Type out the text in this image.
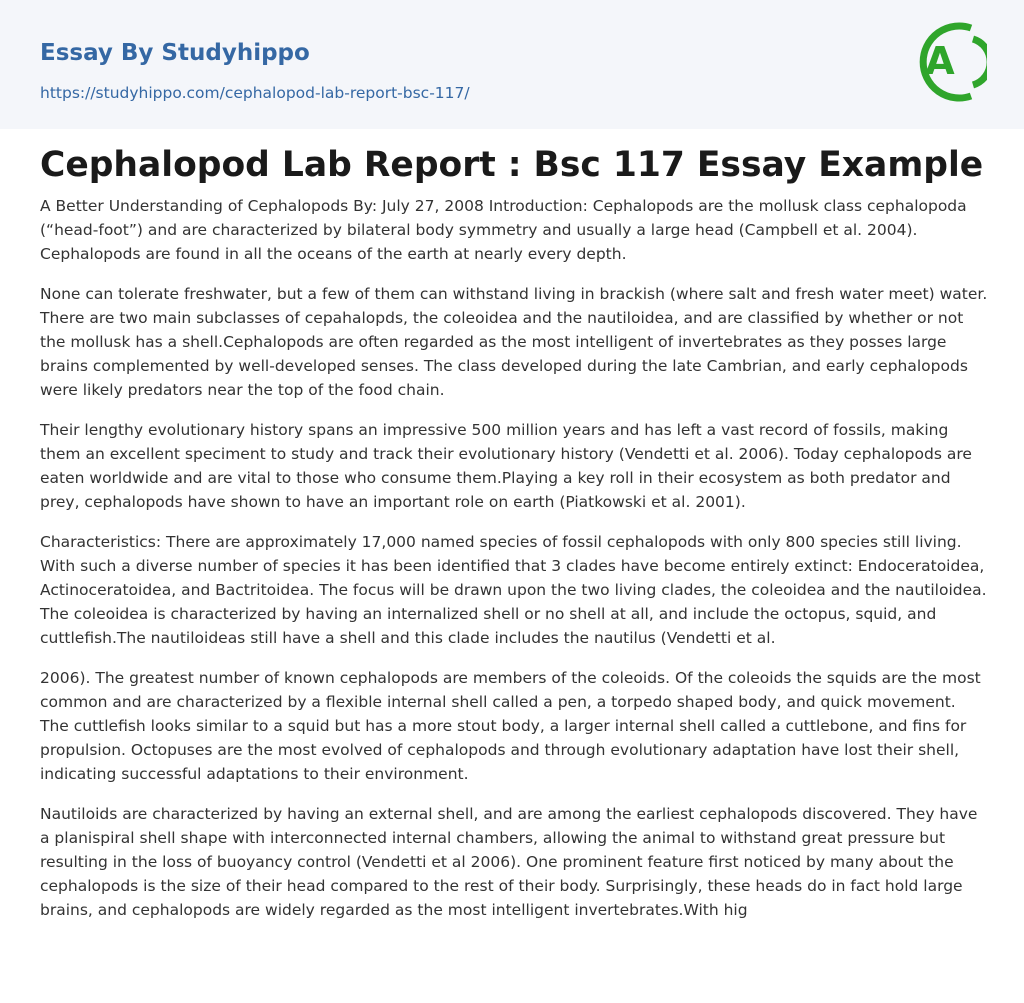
Essay By Studyhippo
https://studyhippo.com/cephalopod-lab-report-bsc-117/
A
Cephalopod Lab Report : Bsc 117 Essay Example

A Better Understanding of Cephalopods By: July 27, 2008 Introduction: Cephalopods are the mollusk class cephalopoda (“head-foot”) and are characterized by bilateral body symmetry and usually a large head (Campbell et al. 2004). Cephalopods are found in all the oceans of the earth at nearly every depth.

None can tolerate freshwater, but a few of them can withstand living in brackish (where salt and fresh water meet) water. There are two main subclasses of cepahalopds, the coleoidea and the nautiloidea, and are classified by whether or not the mollusk has a shell.Cephalopods are often regarded as the most intelligent of invertebrates as they posses large brains complemented by well-developed senses. The class developed during the late Cambrian, and early cephalopods were likely predators near the top of the food chain.

Their lengthy evolutionary history spans an impressive 500 million years and has left a vast record of fossils, making them an excellent speciment to study and track their evolutionary history (Vendetti et al. 2006). Today cephalopods are eaten worldwide and are vital to those who consume them.Playing a key roll in their ecosystem as both predator and prey, cephalopods have shown to have an important role on earth (Piatkowski et al. 2001).

Characteristics: There are approximately 17,000 named species of fossil cephalopods with only 800 species still living. With such a diverse number of species it has been identified that 3 clades have become entirely extinct: Endoceratoidea, Actinoceratoidea, and Bactritoidea. The focus will be drawn upon the two living clades, the coleoidea and the nautiloidea. The coleoidea is characterized by having an internalized shell or no shell at all, and include the octopus, squid, and cuttlefish.The nautiloideas still have a shell and this clade includes the nautilus (Vendetti et al.

2006). The greatest number of known cephalopods are members of the coleoids. Of the coleoids the squids are the most common and are characterized by a flexible internal shell called a pen, a torpedo shaped body, and quick movement. The cuttlefish looks similar to a squid but has a more stout body, a larger internal shell called a cuttlebone, and fins for propulsion. Octopuses are the most evolved of cephalopods and through evolutionary adaptation have lost their shell, indicating successful adaptations to their environment.

Nautiloids are characterized by having an external shell, and are among the earliest cephalopods discovered. They have a planispiral shell shape with interconnected internal chambers, allowing the animal to withstand great pressure but resulting in the loss of buoyancy control (Vendetti et al 2006). One prominent feature first noticed by many about the cephalopods is the size of their head compared to the rest of their body. Surprisingly, these heads do in fact hold large brains, and cephalopods are widely regarded as the most intelligent invertebrates.With hig
